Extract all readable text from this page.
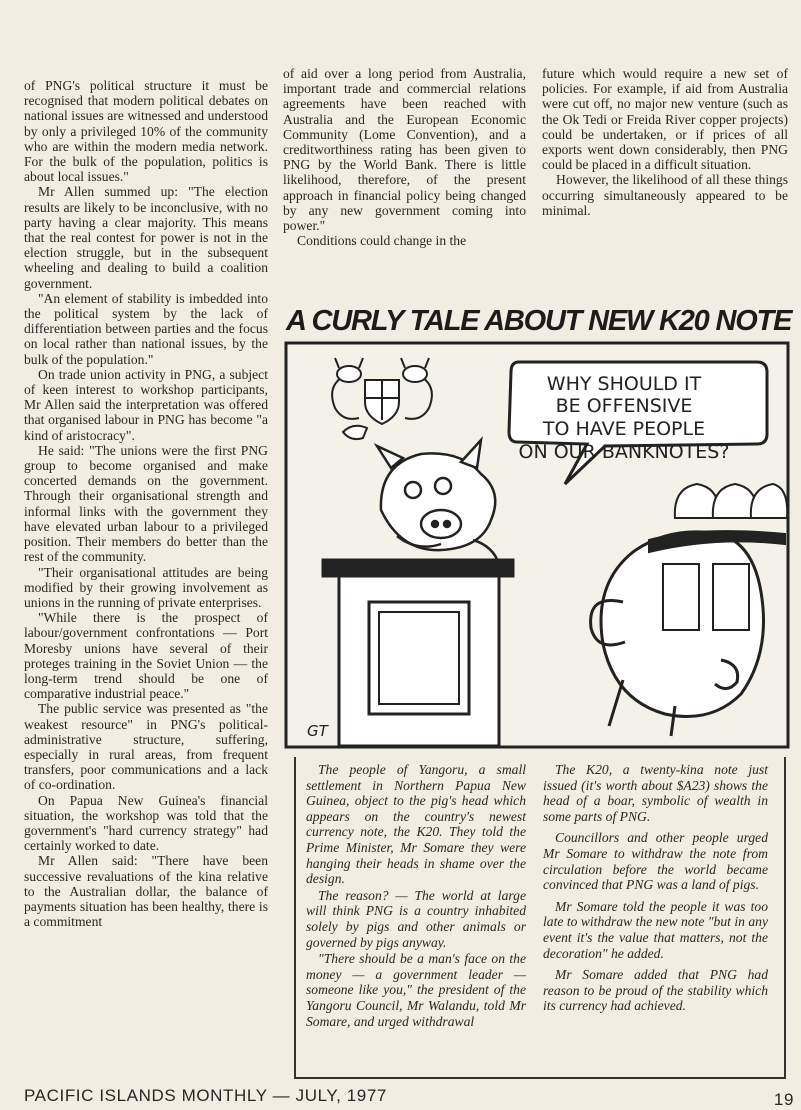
of PNG's political structure it must be recognised that modern political debates on national issues are witnessed and understood by only a privileged 10% of the community who are within the modern media network. For the bulk of the population, politics is about local issues."

Mr Allen summed up: "The election results are likely to be inconclusive, with no party having a clear majority. This means that the real contest for power is not in the election struggle, but in the subsequent wheeling and dealing to build a coalition government.

"An element of stability is imbedded into the political system by the lack of differentiation between parties and the focus on local rather than national issues, by the bulk of the population."

On trade union activity in PNG, a subject of keen interest to workshop participants, Mr Allen said the interpretation was offered that organised labour in PNG has become "a kind of aristocracy".

He said: "The unions were the first PNG group to become organised and make concerted demands on the government. Through their organisational strength and informal links with the government they have elevated urban labour to a privileged position. Their members do better than the rest of the community.

"Their organisational attitudes are being modified by their growing involvement as unions in the running of private enterprises.

"While there is the prospect of labour/government confrontations — Port Moresby unions have several of their proteges training in the Soviet Union — the long-term trend should be one of comparative industrial peace."

The public service was presented as "the weakest resource" in PNG's political-administrative structure, suffering, especially in rural areas, from frequent transfers, poor communications and a lack of co-ordination.

On Papua New Guinea's financial situation, the workshop was told that the government's "hard currency strategy" had certainly worked to date.

Mr Allen said: "There have been successive revaluations of the kina relative to the Australian dollar, the balance of payments situation has been healthy, there is a commitment

of aid over a long period from Australia, important trade and commercial relations agreements have been reached with Australia and the European Economic Community (Lome Convention), and a creditworthiness rating has been given to PNG by the World Bank. There is little likelihood, therefore, of the present approach in financial policy being changed by any new government coming into power."

Conditions could change in the

future which would require a new set of policies. For example, if aid from Australia were cut off, no major new venture (such as the Ok Tedi or Freida River copper projects) could be undertaken, or if prices of all exports went down considerably, then PNG could be placed in a difficult situation.

However, the likelihood of all these things occurring simultaneously appeared to be minimal.

A CURLY TALE ABOUT NEW K20 NOTE
WHY SHOULD IT
BE OFFENSIVE
TO HAVE PEOPLE
ON OUR BANKNOTES?
GT

The people of Yangoru, a small settlement in Northern Papua New Guinea, object to the pig's head which appears on the country's newest currency note, the K20. They told the Prime Minister, Mr Somare they were hanging their heads in shame over the design.

The reason? — The world at large will think PNG is a country inhabited solely by pigs and other animals or governed by pigs anyway.

"There should be a man's face on the money — a government leader — someone like you," the president of the Yangoru Council, Mr Walandu, told Mr Somare, and urged withdrawal

The K20, a twenty-kina note just issued (it's worth about $A23) shows the head of a boar, symbolic of wealth in some parts of PNG.

Councillors and other people urged Mr Somare to withdraw the note from circulation before the world became convinced that PNG was a land of pigs.

Mr Somare told the people it was too late to withdraw the new note "but in any event it's the value that matters, not the decoration" he added.

Mr Somare added that PNG had reason to be proud of the stability which its currency had achieved.

PACIFIC ISLANDS MONTHLY — JULY, 1977	19
